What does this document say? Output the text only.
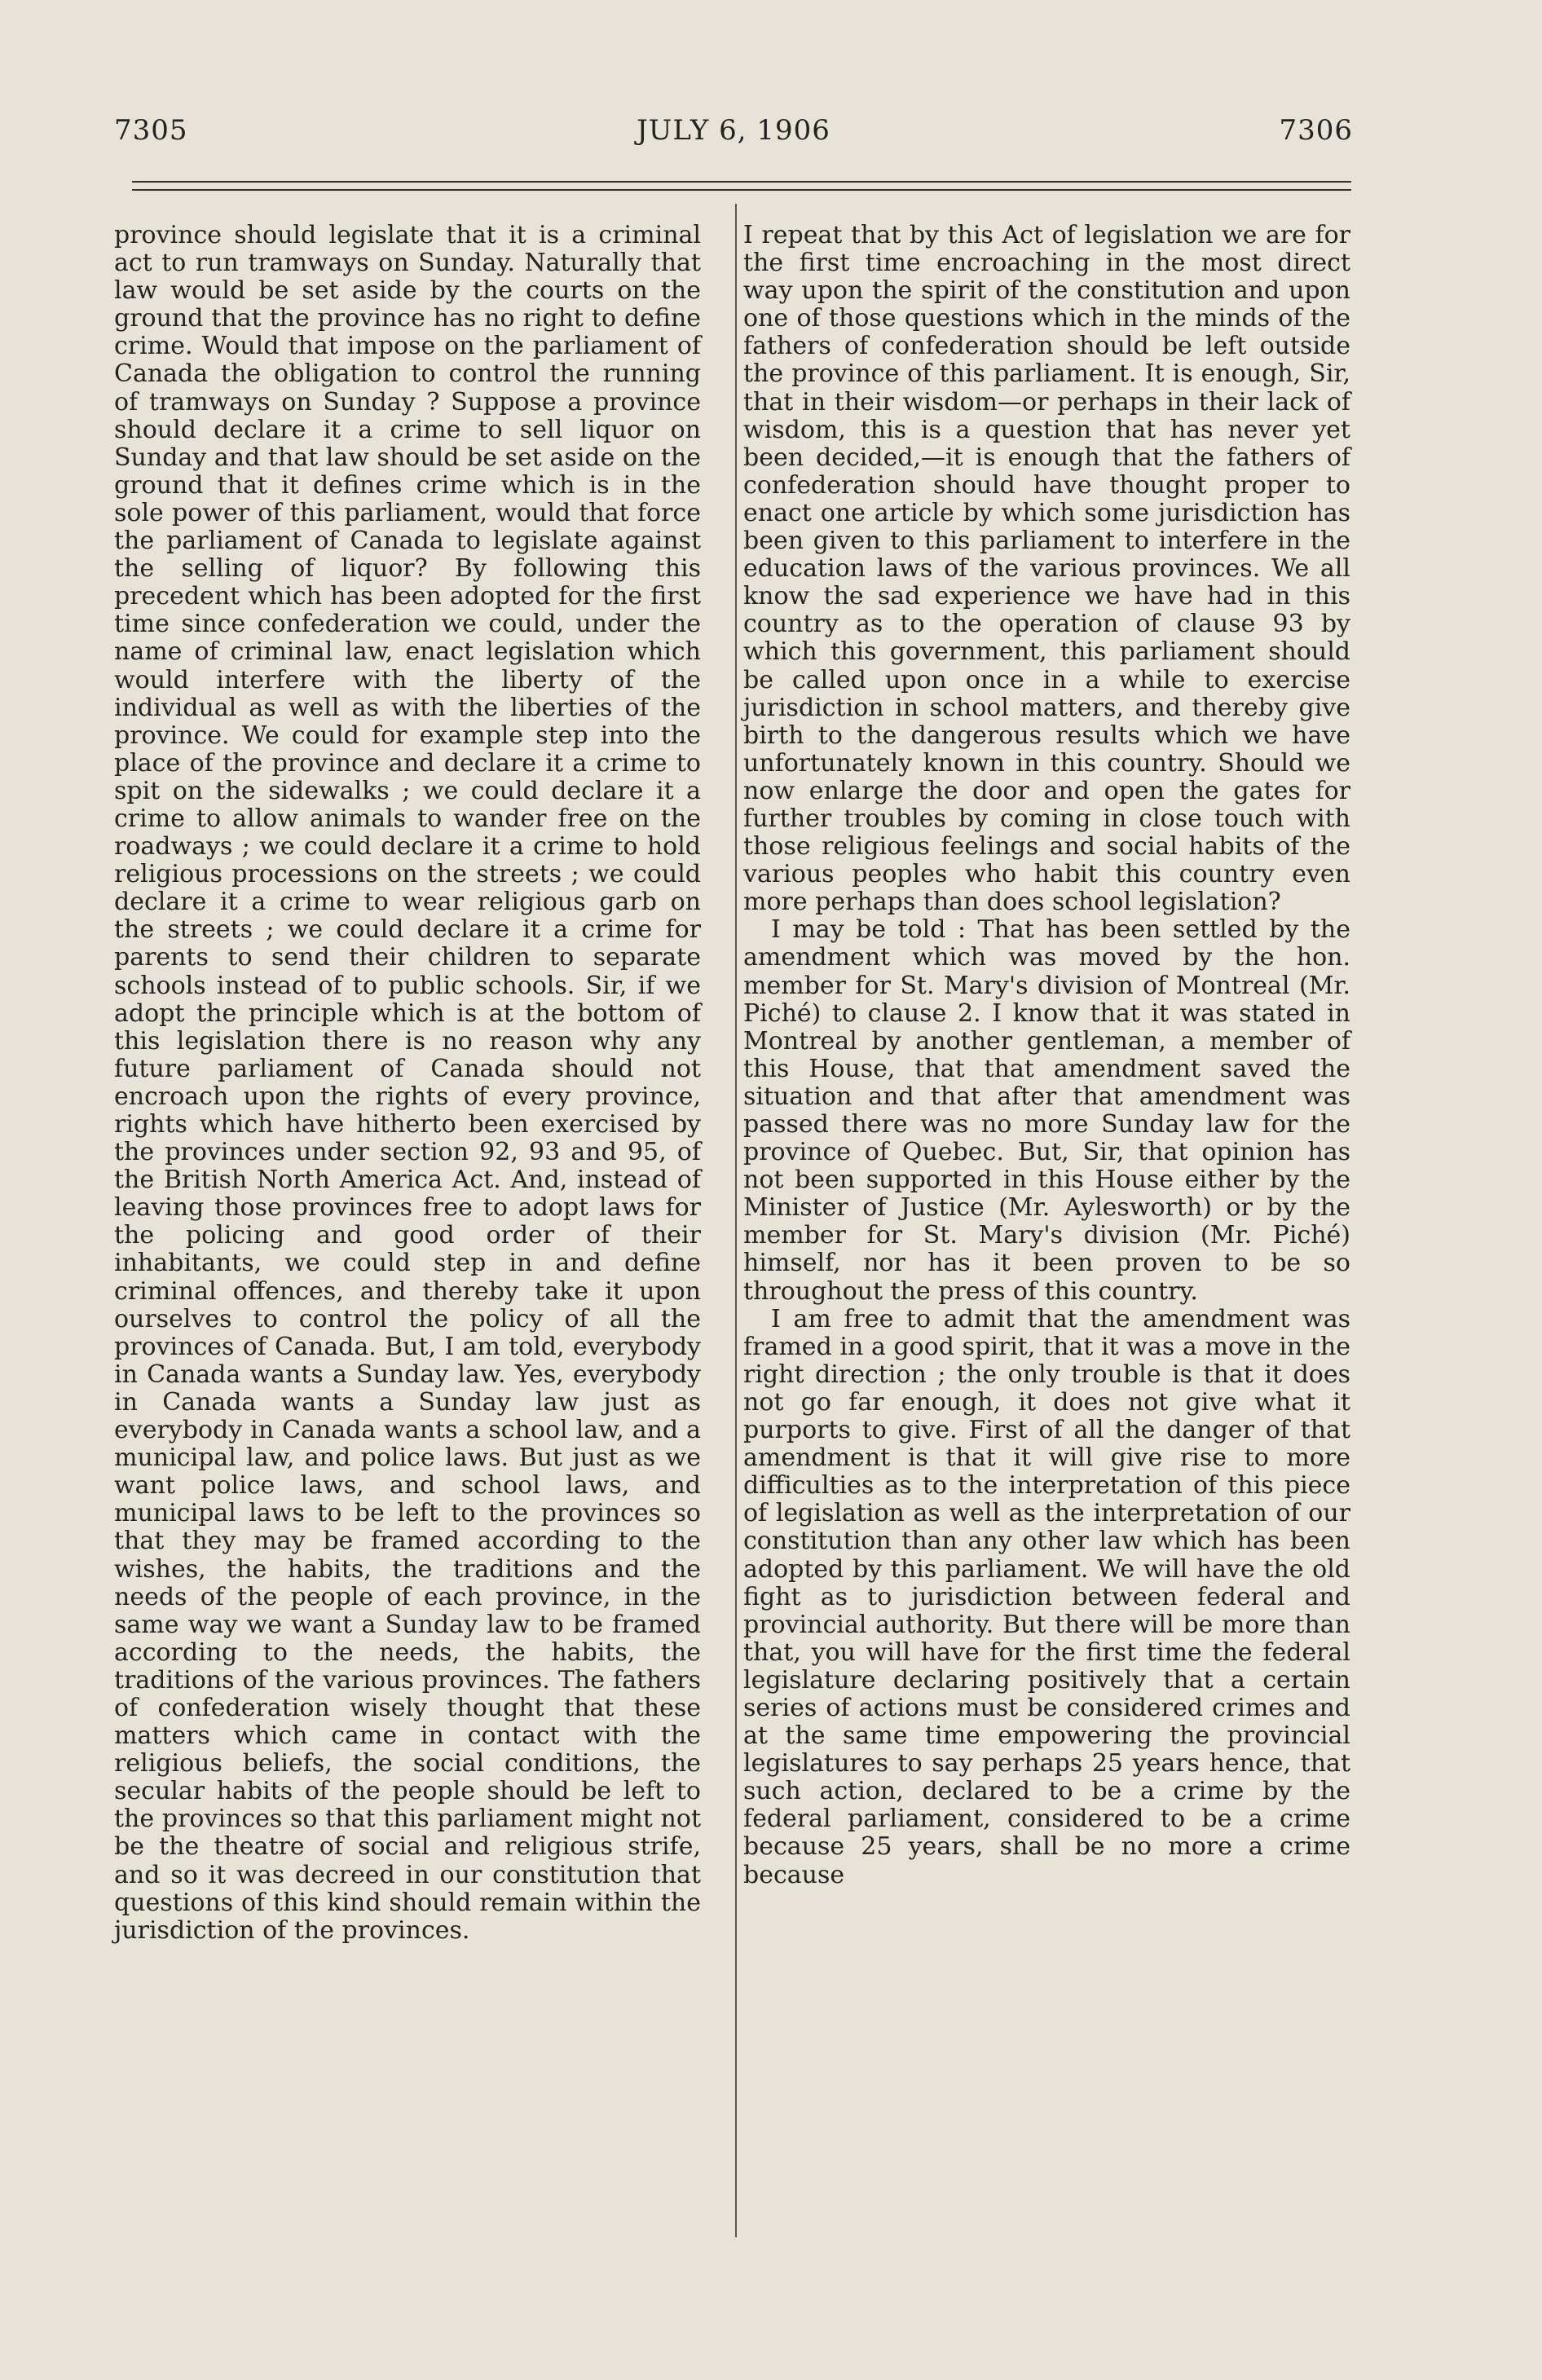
JULY 6, 1906
7305	7306

province should legislate that it is a criminal act to run tramways on Sunday. Naturally that law would be set aside by the courts on the ground that the province has no right to define crime. Would that impose on the parliament of Canada the obligation to control the running of tramways on Sunday ? Suppose a province should declare it a crime to sell liquor on Sunday and that law should be set aside on the ground that it defines crime which is in the sole power of this parliament, would that force the parliament of Canada to legislate against the selling of liquor? By following this precedent which has been adopted for the first time since confederation we could, under the name of criminal law, enact legislation which would interfere with the liberty of the individual as well as with the liberties of the province. We could for example step into the place of the province and declare it a crime to spit on the sidewalks ; we could declare it a crime to allow animals to wander free on the roadways ; we could declare it a crime to hold religious processions on the streets ; we could declare it a crime to wear religious garb on the streets ; we could declare it a crime for parents to send their children to separate schools instead of to public schools. Sir, if we adopt the principle which is at the bottom of this legislation there is no reason why any future parliament of Canada should not encroach upon the rights of every province, rights which have hitherto been exercised by the provinces under section 92, 93 and 95, of the British North America Act. And, instead of leaving those provinces free to adopt laws for the policing and good order of their inhabitants, we could step in and define criminal offences, and thereby take it upon ourselves to control the policy of all the provinces of Canada. But, I am told, everybody in Canada wants a Sunday law. Yes, everybody in Canada wants a Sunday law just as everybody in Canada wants a school law, and a municipal law, and police laws. But just as we want police laws, and school laws, and municipal laws to be left to the provinces so that they may be framed according to the wishes, the habits, the traditions and the needs of the people of each province, in the same way we want a Sunday law to be framed according to the needs, the habits, the traditions of the various provinces. The fathers of confederation wisely thought that these matters which came in contact with the religious beliefs, the social conditions, the secular habits of the people should be left to the provinces so that this parliament might not be the theatre of social and religious strife, and so it was decreed in our constitution that questions of this kind should remain within the jurisdiction of the provinces.

I repeat that by this Act of legislation we are for the first time encroaching in the most direct way upon the spirit of the constitution and upon one of those questions which in the minds of the fathers of confederation should be left outside the province of this parliament. It is enough, Sir, that in their wisdom—or perhaps in their lack of wisdom, this is a question that has never yet been decided,—it is enough that the fathers of confederation should have thought proper to enact one article by which some jurisdiction has been given to this parliament to interfere in the education laws of the various provinces. We all know the sad experience we have had in this country as to the operation of clause 93 by which this government, this parliament should be called upon once in a while to exercise jurisdiction in school matters, and thereby give birth to the dangerous results which we have unfortunately known in this country. Should we now enlarge the door and open the gates for further troubles by coming in close touch with those religious feelings and social habits of the various peoples who habit this country even more perhaps than does school legislation?

I may be told : That has been settled by the amendment which was moved by the hon. member for St. Mary's division of Montreal (Mr. Piché) to clause 2. I know that it was stated in Montreal by another gentleman, a member of this House, that that amendment saved the situation and that after that amendment was passed there was no more Sunday law for the province of Quebec. But, Sir, that opinion has not been supported in this House either by the Minister of Justice (Mr. Aylesworth) or by the member for St. Mary's division (Mr. Piché) himself, nor has it been proven to be so throughout the press of this country.

I am free to admit that the amendment was framed in a good spirit, that it was a move in the right direction ; the only trouble is that it does not go far enough, it does not give what it purports to give. First of all the danger of that amendment is that it will give rise to more difficulties as to the interpretation of this piece of legislation as well as the interpretation of our constitution than any other law which has been adopted by this parliament. We will have the old fight as to jurisdiction between federal and provincial authority. But there will be more than that, you will have for the first time the federal legislature declaring positively that a certain series of actions must be considered crimes and at the same time empowering the provincial legislatures to say perhaps 25 years hence, that such action, declared to be a crime by the federal parliament, considered to be a crime because 25 years, shall be no more a crime because
